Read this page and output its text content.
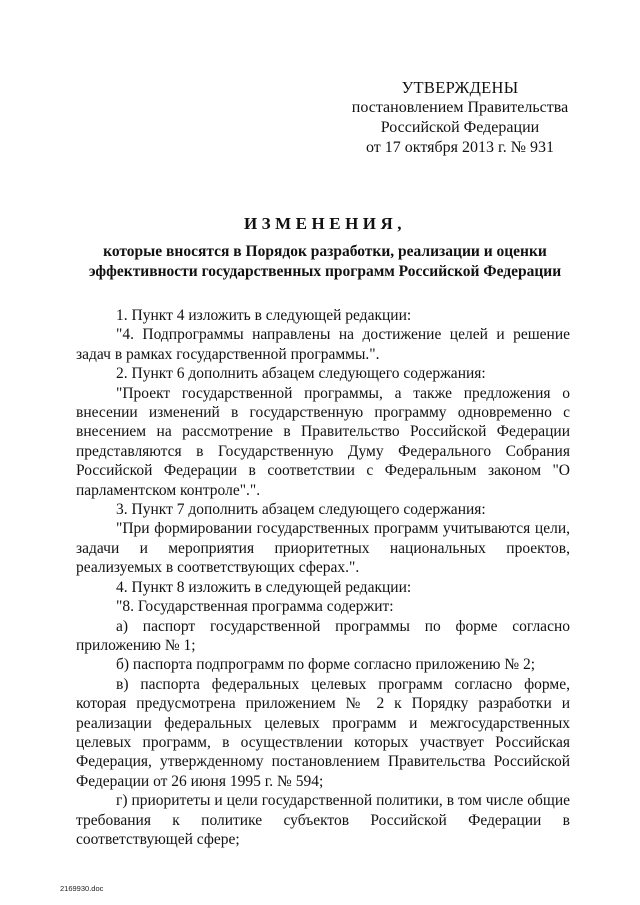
УТВЕРЖДЕНЫ
постановлением Правительства
Российской Федерации
от 17 октября 2013 г. № 931
ИЗМЕНЕНИЯ,
которые вносятся в Порядок разработки, реализации и оценки
эффективности государственных программ Российской Федерации

1. Пункт 4 изложить в следующей редакции:

"4. Подпрограммы направлены на достижение целей и решение задач в рамках государственной программы.".

2. Пункт 6 дополнить абзацем следующего содержания:

"Проект государственной программы, а также предложения о внесении изменений в государственную программу одновременно с внесением на рассмотрение в Правительство Российской Федерации представляются в Государственную Думу Федерального Собрания Российской Федерации в соответствии с Федеральным законом "О парламентском контроле".".

3. Пункт 7 дополнить абзацем следующего содержания:

"При формировании государственных программ учитываются цели, задачи и мероприятия приоритетных национальных проектов, реализуемых в соответствующих сферах.".

4. Пункт 8 изложить в следующей редакции:

"8. Государственная программа содержит:

а) паспорт государственной программы по форме согласно приложению № 1;

б) паспорта подпрограмм по форме согласно приложению № 2;

в) паспорта федеральных целевых программ согласно форме, которая предусмотрена приложением № 2 к Порядку разработки и реализации федеральных целевых программ и межгосударственных целевых программ, в осуществлении которых участвует Российская Федерация, утвержденному постановлением Правительства Российской Федерации от 26 июня 1995 г. № 594;

г) приоритеты и цели государственной политики, в том числе общие требования к политике субъектов Российской Федерации в соответствующей сфере;

2169930.doc
